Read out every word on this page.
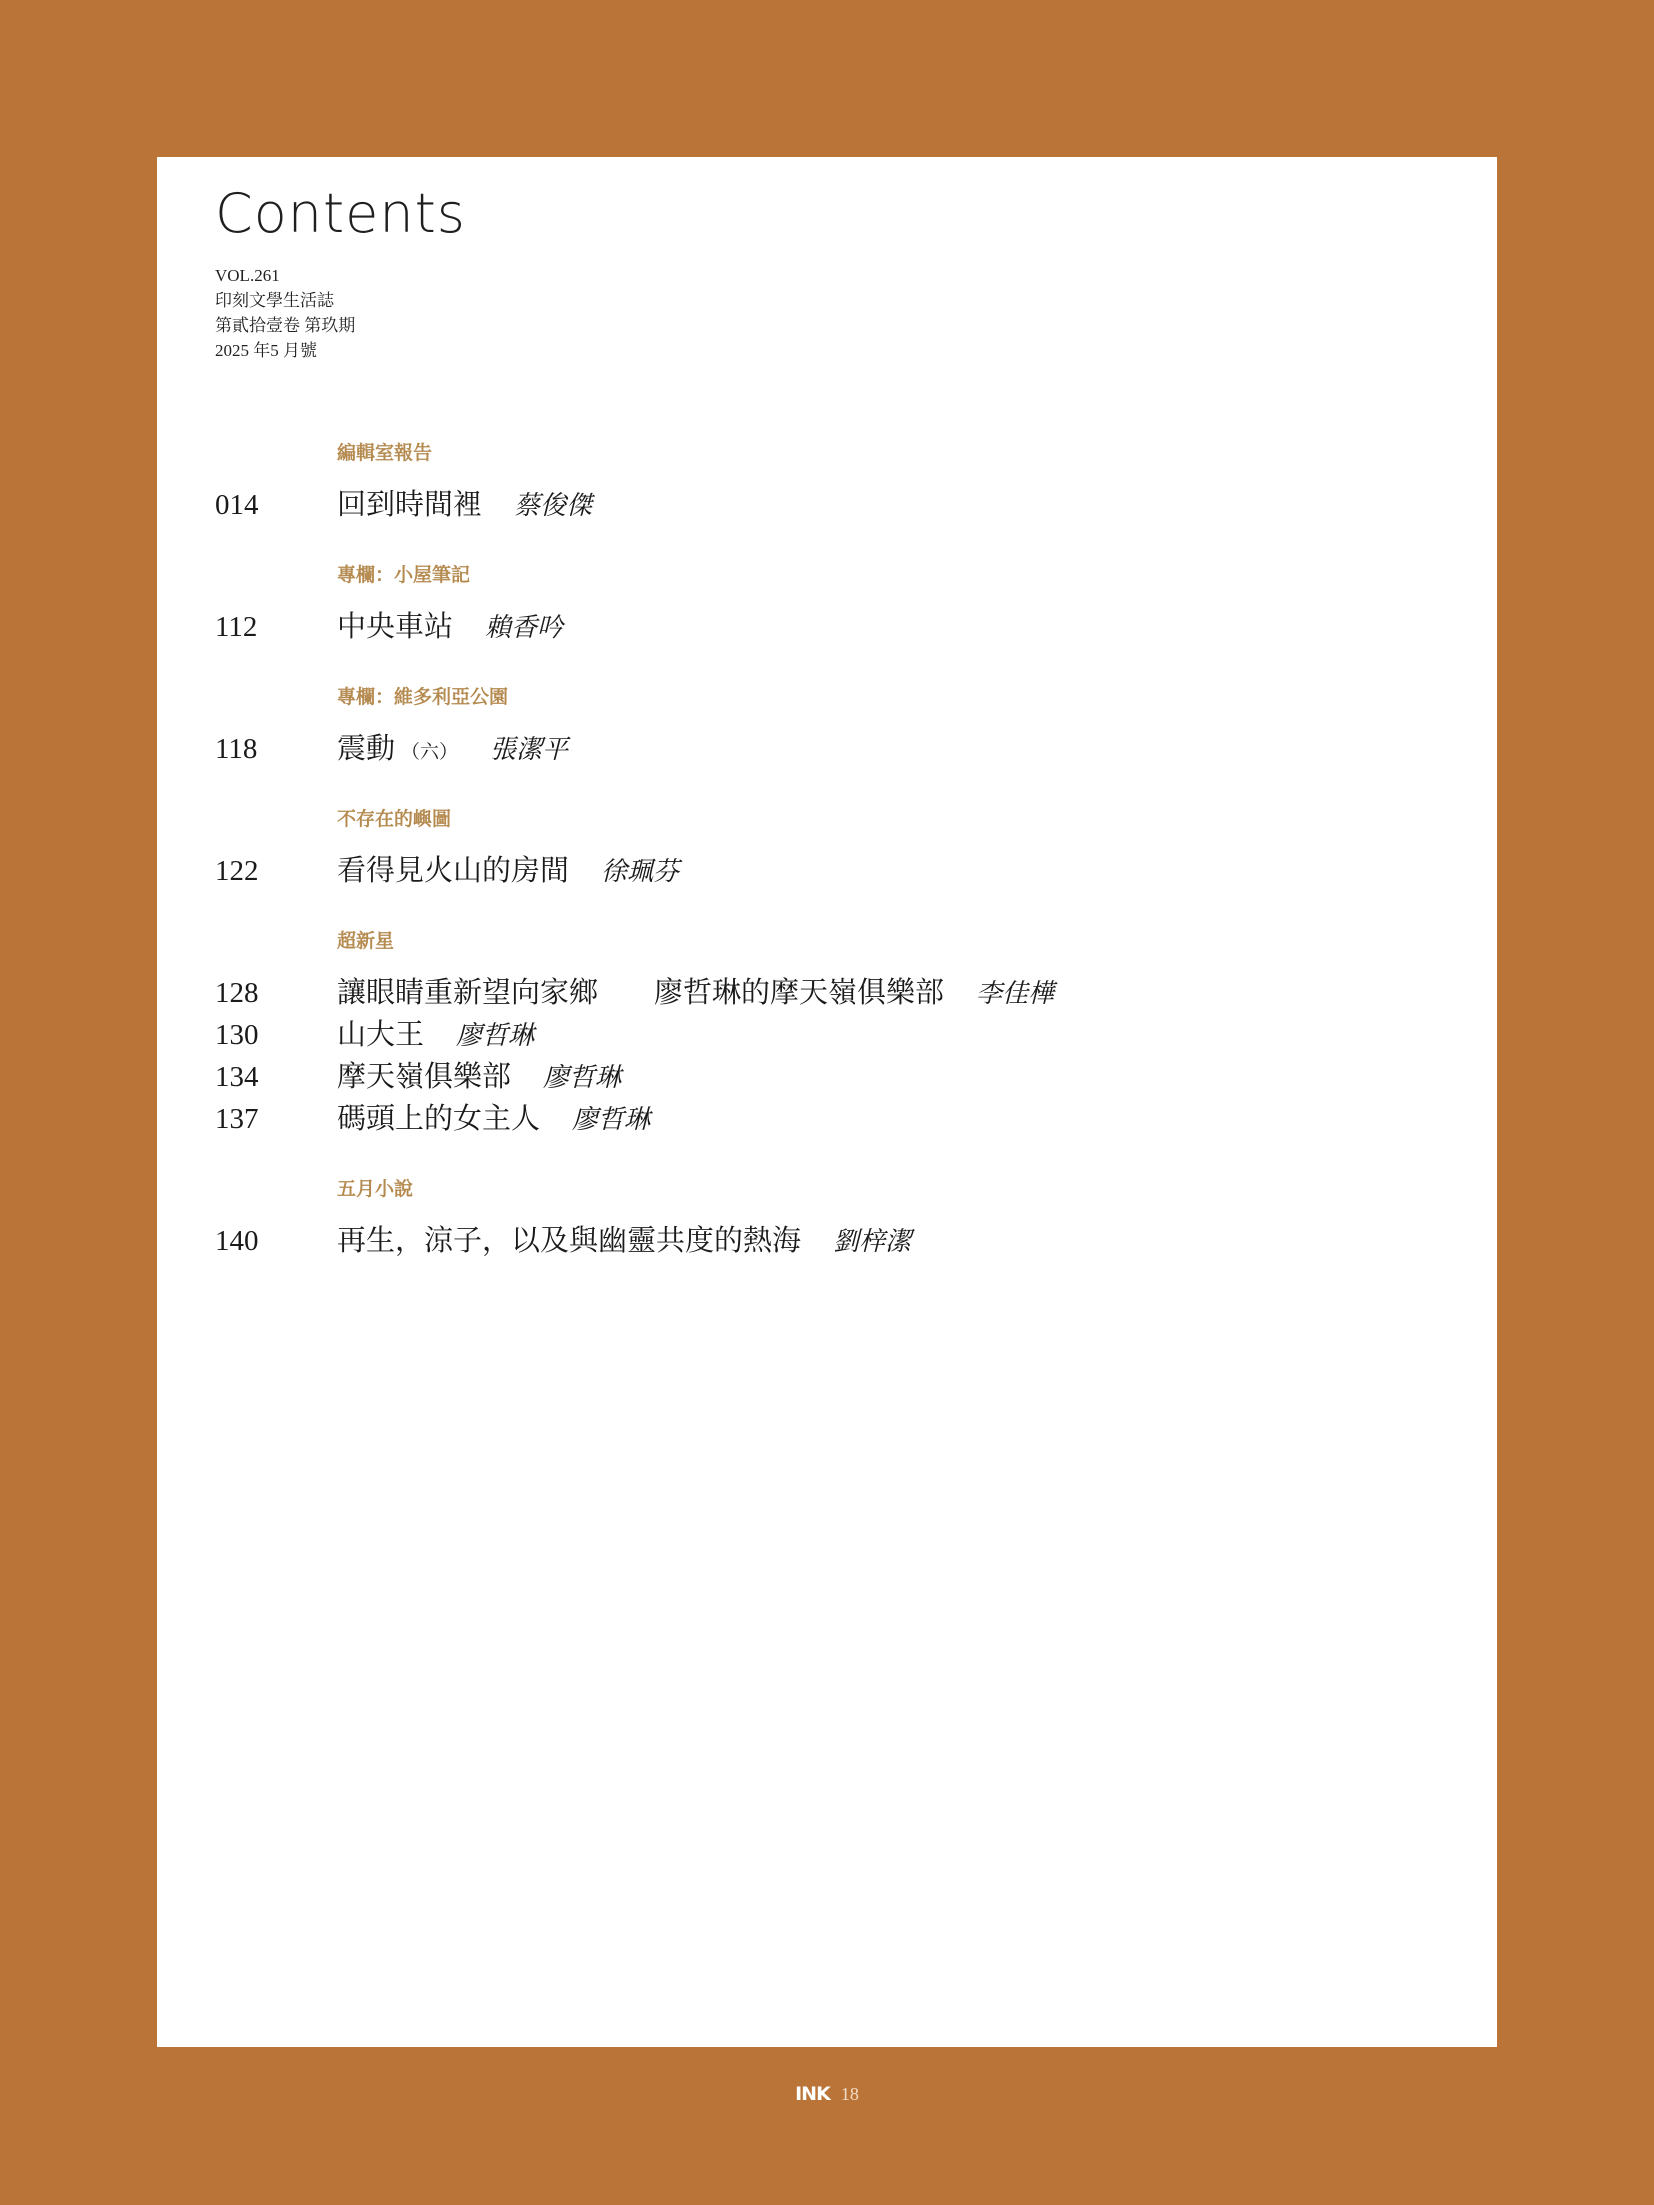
Contents
VOL.261
印刻文學生活誌
第貳拾壹卷 第玖期
2025 年5 月號
編輯室報告
014	回到時間裡 蔡俊傑
專欄：小屋筆記
112	中央車站 賴香吟
專欄：維多利亞公園
118	震動 （六） 張潔平
不存在的嶼圖
122	看得見火山的房間 徐珮芬
超新星
128	讓眼睛重新望向家鄉 廖哲琳的摩天嶺俱樂部 李佳樺
130	山大王 廖哲琳
134	摩天嶺俱樂部 廖哲琳
137	碼頭上的女主人 廖哲琳
五月小說
140	再生，涼子，以及與幽靈共度的熱海 劉梓潔
INK 18
